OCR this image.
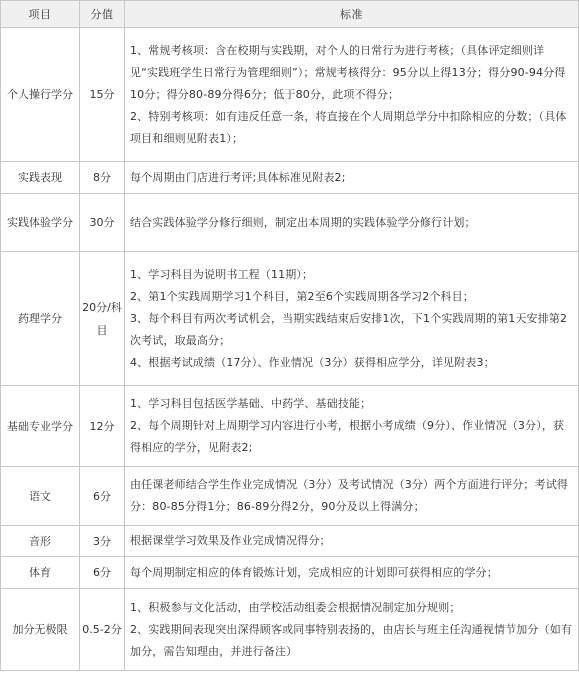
项目	分值	标准
个人操行学分	15分	1、常规考核项：含在校期与实践期，对个人的日常行为进行考核；（具体评定细则详见“实践班学生日常行为管理细则”）；常规考核得分：95分以上得13分；得分90-94分得10分；得分80-89分得6分；低于80分，此项不得分；

2、特别考核项：如有违反任意一条，将直接在个人周期总学分中扣除相应的分数；（具体项目和细则见附表1）；

实践表现	8分	每个周期由门店进行考评;具体标准见附表2;

实践体验学分	30分	结合实践体验学分修行细则，制定出本周期的实践体验学分修行计划；

药理学分	20分/科目	1、学习科目为说明书工程（11期）；

2、第1个实践周期学习1个科目，第2至6个实践周期各学习2个科目；

3、每个科目有两次考试机会，当期实践结束后安排1次，下1个实践周期的第1天安排第2次考试，取最高分；

4、根据考试成绩（17分）、作业情况（3分）获得相应学分，详见附表3；

基础专业学分	12分	1、学习科目包括医学基础、中药学、基础技能；

2、每个周期针对上周期学习内容进行小考，根据小考成绩（9分）、作业情况（3分），获得相应的学分，见附表2;

语文	6分	由任课老师结合学生作业完成情况（3分）及考试情况（3分）两个方面进行评分；考试得分：80-85分得1分；86-89分得2分，90分及以上得满分；

音形	3分	根据课堂学习效果及作业完成情况得分；

体育	6分	每个周期制定相应的体育锻炼计划，完成相应的计划即可获得相应的学分；

加分无极限	0.5-2分	1、积极参与文化活动，由学校活动组委会根据情况制定加分规则；

2、实践期间表现突出深得顾客或同事特别表扬的，由店长与班主任沟通视情节加分（如有加分，需告知理由，并进行备注）
